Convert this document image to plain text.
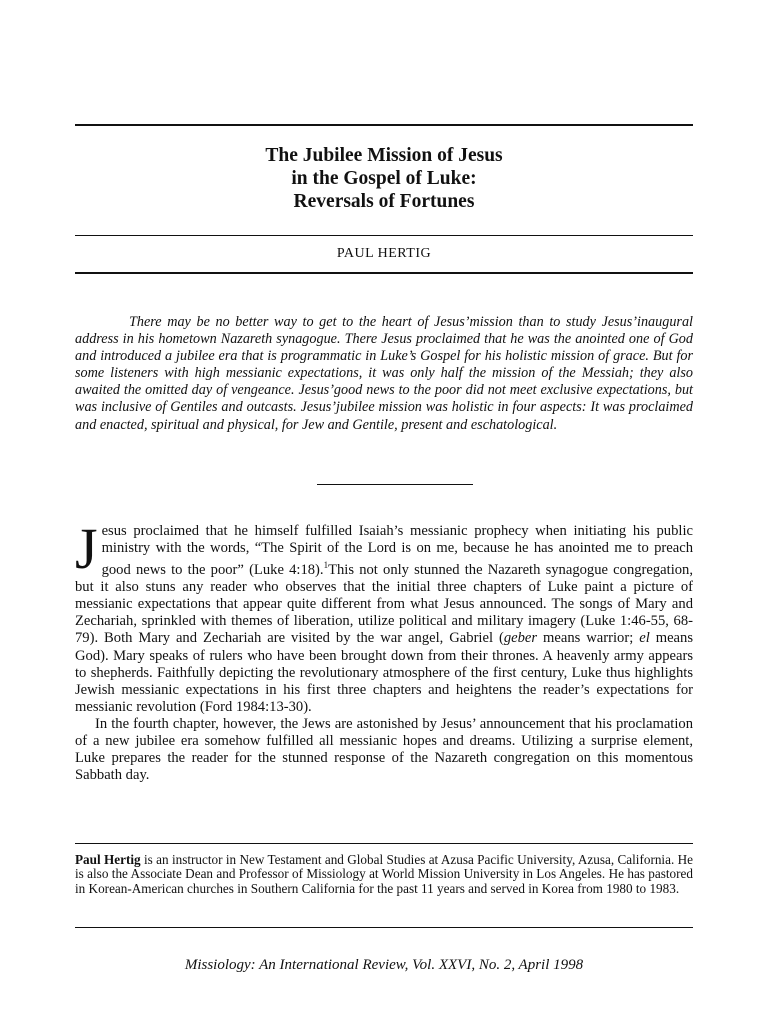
The Jubilee Mission of Jesus
in the Gospel of Luke:
Reversals of Fortunes
PAUL HERTIG
There may be no better way to get to the heart of Jesus’mission than to study Jesus’inaugural address in his hometown Nazareth synagogue. There Jesus proclaimed that he was the anointed one of God and introduced a jubilee era that is programmatic in Luke’s Gospel for his holistic mission of grace. But for some listeners with high messianic expectations, it was only half the mission of the Messiah; they also awaited the omitted day of vengeance. Jesus’good news to the poor did not meet exclusive expectations, but was inclusive of Gentiles and outcasts. Jesus’jubilee mission was holistic in four aspects: It was proclaimed and enacted, spiritual and physical, for Jew and Gentile, present and eschatological.

Jesus proclaimed that he himself fulfilled Isaiah’s messianic prophecy when initiating his public ministry with the words, “The Spirit of the Lord is on me, because he has anointed me to preach good news to the poor” (Luke 4:18).$^1$This not only stunned the Nazareth synagogue congregation, but it also stuns any reader who observes that the initial three chapters of Luke paint a picture of messianic expectations that appear quite different from what Jesus announced. The songs of Mary and Zechariah, sprinkled with themes of liberation, utilize political and military imagery (Luke 1:46-55, 68-79). Both Mary and Zechariah are visited by the war angel, Gabriel (geber means warrior; el means God). Mary speaks of rulers who have been brought down from their thrones. A heavenly army appears to shepherds. Faithfully depicting the revolutionary atmosphere of the first century, Luke thus highlights Jewish messianic expectations in his first three chapters and heightens the reader’s expectations for messianic revolution (Ford 1984:13-30).

In the fourth chapter, however, the Jews are astonished by Jesus’ announcement that his proclamation of a new jubilee era somehow fulfilled all messianic hopes and dreams. Utilizing a surprise element, Luke prepares the reader for the stunned response of the Nazareth congregation on this momentous Sabbath day.

Paul Hertig is an instructor in New Testament and Global Studies at Azusa Pacific University, Azusa, California. He is also the Associate Dean and Professor of Missiology at World Mission University in Los Angeles. He has pastored in Korean-American churches in Southern California for the past 11 years and served in Korea from 1980 to 1983.
Missiology: An International Review, Vol. XXVI, No. 2, April 1998
